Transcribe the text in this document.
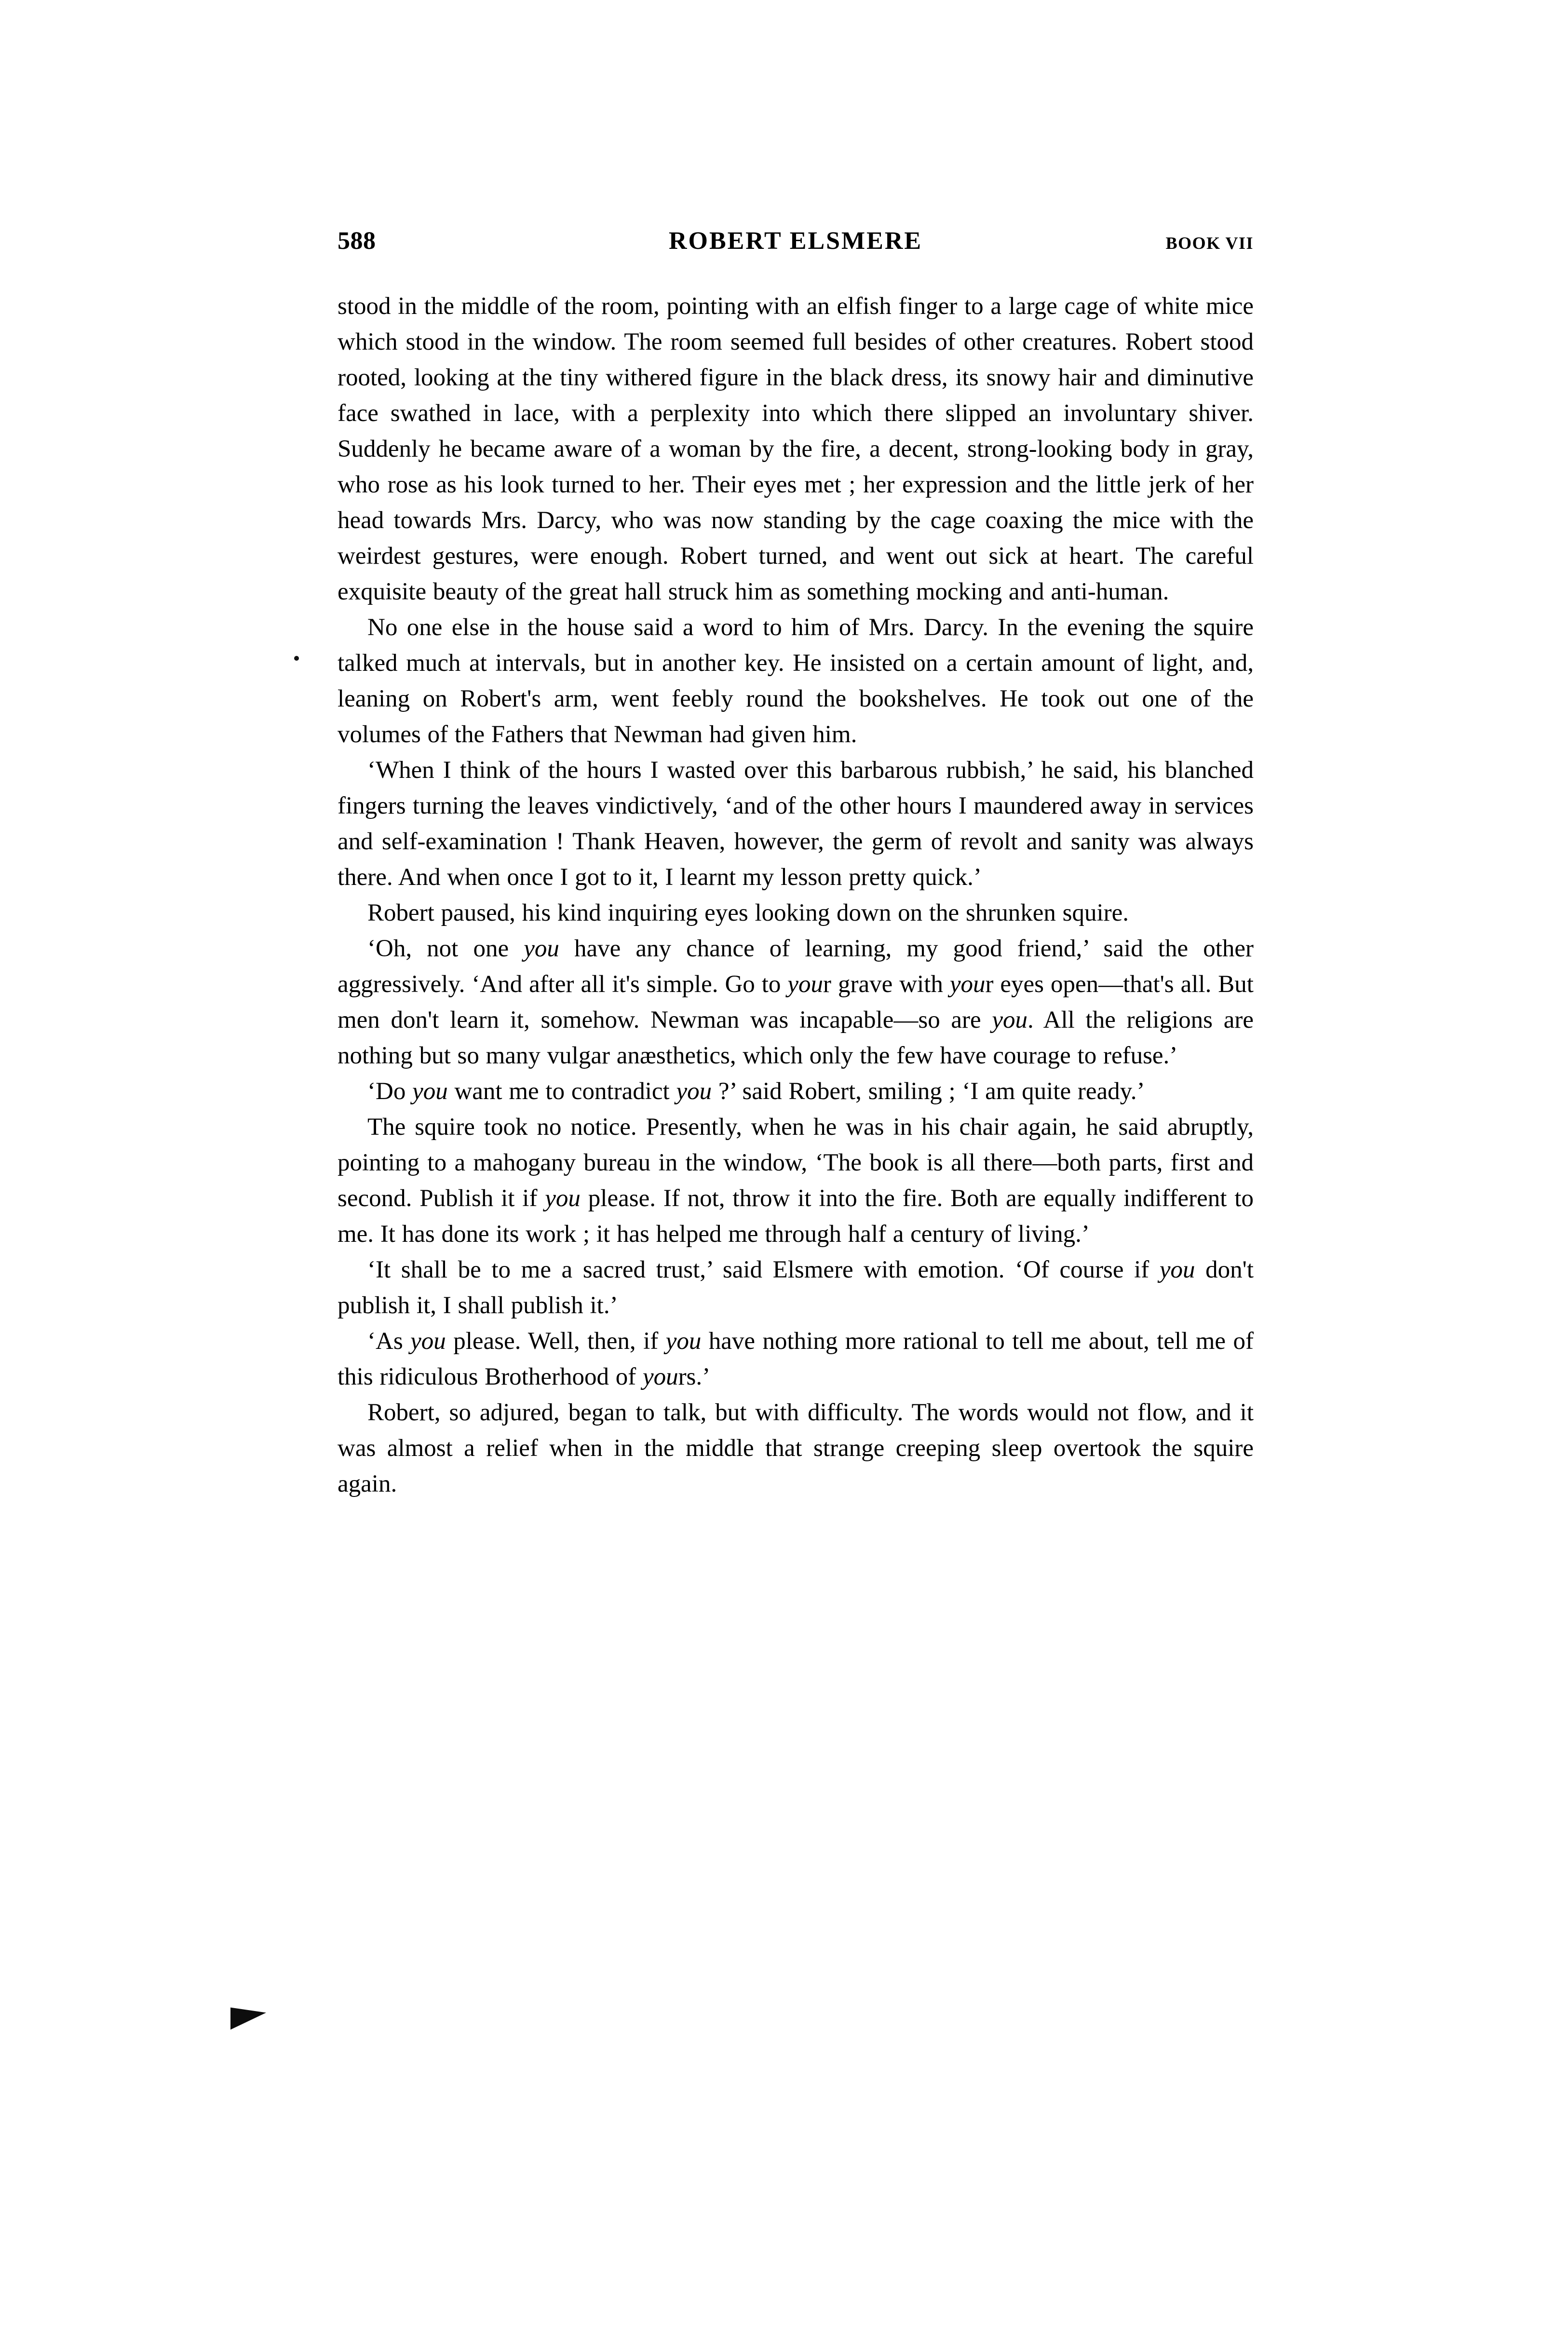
588	ROBERT ELSMERE	BOOK VII

stood in the middle of the room, pointing with an elfish finger to a large cage of white mice which stood in the window. The room seemed full besides of other creatures. Robert stood rooted, looking at the tiny withered figure in the black dress, its snowy hair and diminutive face swathed in lace, with a perplexity into which there slipped an involuntary shiver. Suddenly he became aware of a woman by the fire, a decent, strong-looking body in gray, who rose as his look turned to her. Their eyes met ; her expression and the little jerk of her head towards Mrs. Darcy, who was now standing by the cage coaxing the mice with the weirdest gestures, were enough. Robert turned, and went out sick at heart. The careful exquisite beauty of the great hall struck him as something mocking and anti-human.

No one else in the house said a word to him of Mrs. Darcy. In the evening the squire talked much at intervals, but in another key. He insisted on a certain amount of light, and, leaning on Robert's arm, went feebly round the bookshelves. He took out one of the volumes of the Fathers that Newman had given him.

‘When I think of the hours I wasted over this barbarous rubbish,’ he said, his blanched fingers turning the leaves vindictively, ‘and of the other hours I maundered away in services and self-examination ! Thank Heaven, however, the germ of revolt and sanity was always there. And when once I got to it, I learnt my lesson pretty quick.’

Robert paused, his kind inquiring eyes looking down on the shrunken squire.

‘Oh, not one you have any chance of learning, my good friend,’ said the other aggressively. ‘And after all it's simple. Go to your grave with your eyes open—that's all. But men don't learn it, somehow. Newman was incapable—so are you. All the religions are nothing but so many vulgar anæsthetics, which only the few have courage to refuse.’

‘Do you want me to contradict you ?’ said Robert, smiling ; ‘I am quite ready.’

The squire took no notice. Presently, when he was in his chair again, he said abruptly, pointing to a mahogany bureau in the window, ‘The book is all there—both parts, first and second. Publish it if you please. If not, throw it into the fire. Both are equally indifferent to me. It has done its work ; it has helped me through half a century of living.’

‘It shall be to me a sacred trust,’ said Elsmere with emotion. ‘Of course if you don't publish it, I shall publish it.’

‘As you please. Well, then, if you have nothing more rational to tell me about, tell me of this ridiculous Brotherhood of yours.’

Robert, so adjured, began to talk, but with difficulty. The words would not flow, and it was almost a relief when in the middle that strange creeping sleep overtook the squire again.
